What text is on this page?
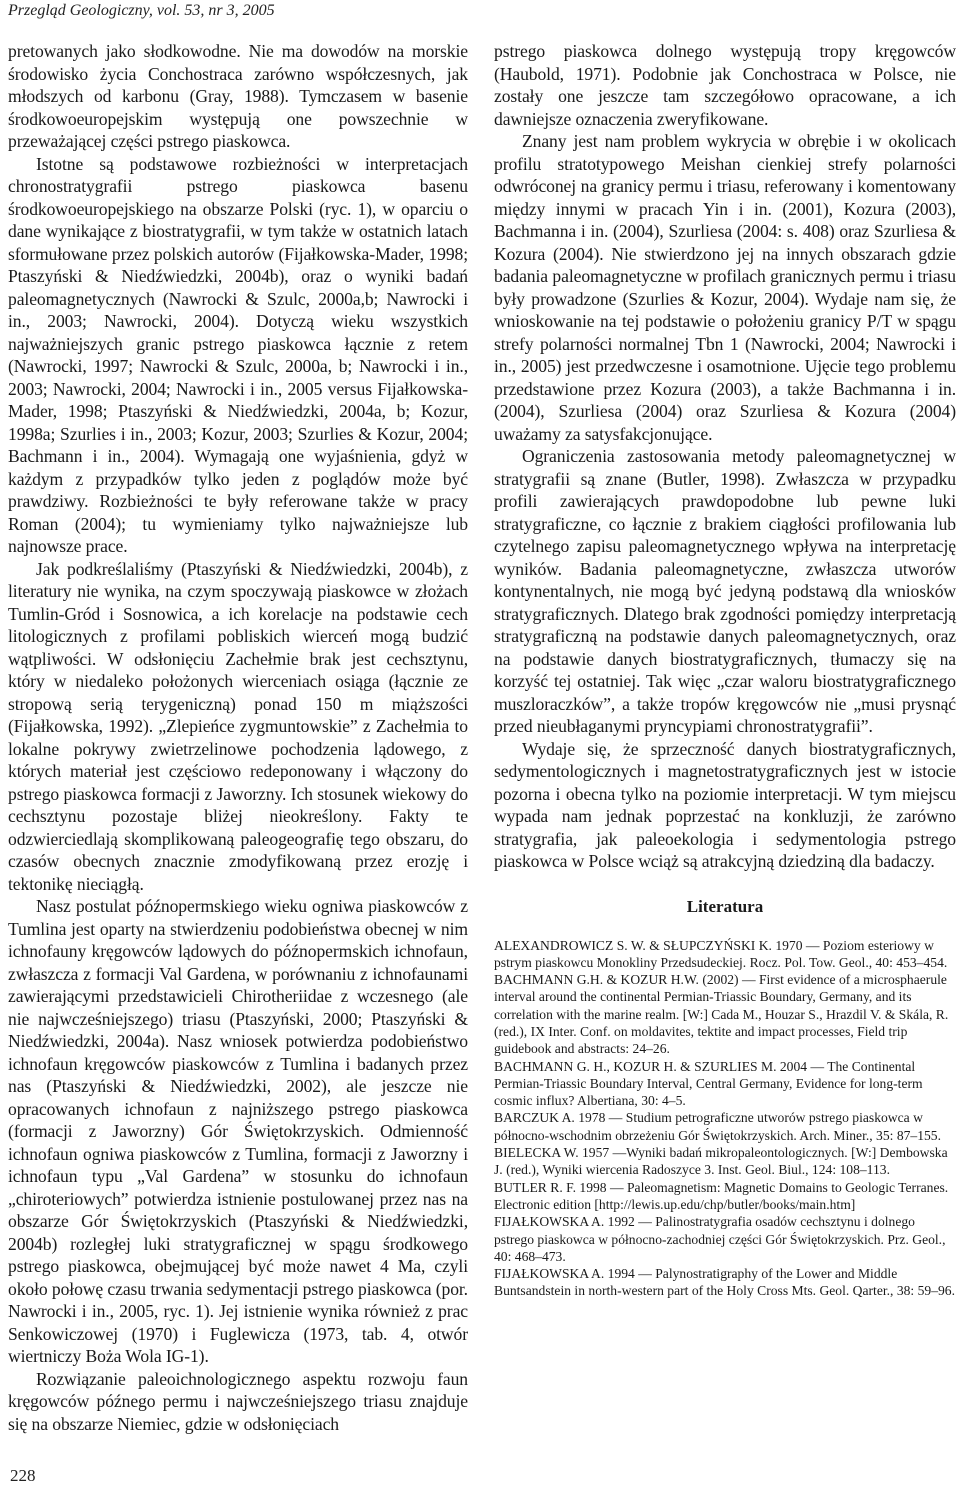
Przegląd Geologiczny, vol. 53, nr 3, 2005

pretowanych jako słodkowodne. Nie ma dowodów na morskie środowisko życia Conchostraca zarówno współczesnych, jak młodszych od karbonu (Gray, 1988). Tymczasem w basenie środkowoeuropejskim występują one powszechnie w przeważającej części pstrego piaskowca.

Istotne są podstawowe rozbieżności w interpretacjach chronostratygrafii pstrego piaskowca basenu środkowoeuropejskiego na obszarze Polski (ryc. 1), w oparciu o dane wynikające z biostratygrafii, w tym także w ostatnich latach sformułowane przez polskich autorów (Fijałkowska-Mader, 1998; Ptaszyński & Niedźwiedzki, 2004b), oraz o wyniki badań paleomagnetycznych (Nawrocki & Szulc, 2000a,b; Nawrocki i in., 2003; Nawrocki, 2004). Dotyczą wieku wszystkich najważniejszych granic pstrego piaskowca łącznie z retem (Nawrocki, 1997; Nawrocki & Szulc, 2000a, b; Nawrocki i in., 2003; Nawrocki, 2004; Nawrocki i in., 2005 versus Fijałkowska-Mader, 1998; Ptaszyński & Niedźwiedzki, 2004a, b; Kozur, 1998a; Szurlies i in., 2003; Kozur, 2003; Szurlies & Kozur, 2004; Bachmann i in., 2004). Wymagają one wyjaśnienia, gdyż w każdym z przypadków tylko jeden z poglądów może być prawdziwy. Rozbieżności te były referowane także w pracy Roman (2004); tu wymieniamy tylko najważniejsze lub najnowsze prace.

Jak podkreślaliśmy (Ptaszyński & Niedźwiedzki, 2004b), z literatury nie wynika, na czym spoczywają piaskowce w złożach Tumlin-Gród i Sosnowica, a ich korelacje na podstawie cech litologicznych z profilami pobliskich wierceń mogą budzić wątpliwości. W odsłonięciu Zachełmie brak jest cechsztynu, który w niedaleko położonych wierceniach osiąga (łącznie ze stropową serią terygeniczną) ponad 150 m miąższości (Fijałkowska, 1992). „Zlepieńce zygmuntowskie” z Zachełmia to lokalne pokrywy zwietrzelinowe pochodzenia lądowego, z których materiał jest częściowo redeponowany i włączony do pstrego piaskowca formacji z Jaworzny. Ich stosunek wiekowy do cechsztynu pozostaje bliżej nieokreślony. Fakty te odzwierciedlają skomplikowaną paleogeografię tego obszaru, do czasów obecnych znacznie zmodyfikowaną przez erozję i tektonikę nieciągłą.

Nasz postulat późnopermskiego wieku ogniwa piaskowców z Tumlina jest oparty na stwierdzeniu podobieństwa obecnej w nim ichnofauny kręgowców lądowych do późnopermskich ichnofaun, zwłaszcza z formacji Val Gardena, w porównaniu z ichnofaunami zawierającymi przedstawicieli Chirotheriidae z wczesnego (ale nie najwcześniejszego) triasu (Ptaszyński, 2000; Ptaszyński & Niedźwiedzki, 2004a). Nasz wniosek potwierdza podobieństwo ichnofaun kręgowców piaskowców z Tumlina i badanych przez nas (Ptaszyński & Niedźwiedzki, 2002), ale jeszcze nie opracowanych ichnofaun z najniższego pstrego piaskowca (formacji z Jaworzny) Gór Świętokrzyskich. Odmienność ichnofaun ogniwa piaskowców z Tumlina, formacji z Jaworzny i ichnofaun typu „Val Gardena” w stosunku do ichnofaun „chiroteriowych” potwierdza istnienie postulowanej przez nas na obszarze Gór Świętokrzyskich (Ptaszyński & Niedźwiedzki, 2004b) rozległej luki stratygraficznej w spągu środkowego pstrego piaskowca, obejmującej być może nawet 4 Ma, czyli około połowę czasu trwania sedymentacji pstrego piaskowca (por. Nawrocki i in., 2005, ryc. 1). Jej istnienie wynika również z prac Senkowiczowej (1970) i Fuglewicza (1973, tab. 4, otwór wiertniczy Boża Wola IG-1).

Rozwiązanie paleoichnologicznego aspektu rozwoju faun kręgowców późnego permu i najwcześniejszego triasu znajduje się na obszarze Niemiec, gdzie w odsłonięciach

pstrego piaskowca dolnego występują tropy kręgowców (Haubold, 1971). Podobnie jak Conchostraca w Polsce, nie zostały one jeszcze tam szczegółowo opracowane, a ich dawniejsze oznaczenia zweryfikowane.

Znany jest nam problem wykrycia w obrębie i w okolicach profilu stratotypowego Meishan cienkiej strefy polarności odwróconej na granicy permu i triasu, referowany i komentowany między innymi w pracach Yin i in. (2001), Kozura (2003), Bachmanna i in. (2004), Szurliesa (2004: s. 408) oraz Szurliesa & Kozura (2004). Nie stwierdzono jej na innych obszarach gdzie badania paleomagnetyczne w profilach granicznych permu i triasu były prowadzone (Szurlies & Kozur, 2004). Wydaje nam się, że wnioskowanie na tej podstawie o położeniu granicy P/T w spągu strefy polarności normalnej Tbn 1 (Nawrocki, 2004; Nawrocki i in., 2005) jest przedwczesne i osamotnione. Ujęcie tego problemu przedstawione przez Kozura (2003), a także Bachmanna i in. (2004), Szurliesa (2004) oraz Szurliesa & Kozura (2004) uważamy za satysfakcjonujące.

Ograniczenia zastosowania metody paleomagnetycznej w stratygrafii są znane (Butler, 1998). Zwłaszcza w przypadku profili zawierających prawdopodobne lub pewne luki stratygraficzne, co łącznie z brakiem ciągłości profilowania lub czytelnego zapisu paleomagnetycznego wpływa na interpretację wyników. Badania paleomagnetyczne, zwłaszcza utworów kontynentalnych, nie mogą być jedyną podstawą dla wniosków stratygraficznych. Dlatego brak zgodności pomiędzy interpretacją stratygraficzną na podstawie danych paleomagnetycznych, oraz na podstawie danych biostratygraficznych, tłumaczy się na korzyść tej ostatniej. Tak więc „czar waloru biostratygraficznego muszloraczków”, a także tropów kręgowców nie „musi prysnąć przed nieubłaganymi pryncypiami chronostratygrafii”.

Wydaje się, że sprzeczność danych biostratygraficznych, sedymentologicznych i magnetostratygraficznych jest w istocie pozorna i obecna tylko na poziomie interpretacji. W tym miejscu wypada nam jednak poprzestać na konkluzji, że zarówno stratygrafia, jak paleoekologia i sedymentologia pstrego piaskowca w Polsce wciąż są atrakcyjną dziedziną dla badaczy.

Literatura

ALEXANDROWICZ S. W. & SŁUPCZYŃSKI K. 1970 — Poziom esteriowy w pstrym piaskowcu Monokliny Przedsudeckiej. Rocz. Pol. Tow. Geol., 40: 453–454.

BACHMANN G.H. & KOZUR H.W. (2002) — First evidence of a microsphaerule interval around the continental Permian-Triassic Boundary, Germany, and its correlation with the marine realm. [W:] Cada M., Houzar S., Hrazdil V. & Skála, R. (red.), IX Inter. Conf. on moldavites, tektite and impact processes, Field trip guidebook and abstracts: 24–26.

BACHMANN G. H., KOZUR H. & SZURLIES M. 2004 — The Continental Permian-Triassic Boundary Interval, Central Germany, Evidence for long-term cosmic influx? Albertiana, 30: 4–5.

BARCZUK A. 1978 — Studium petrograficzne utworów pstrego piaskowca w północno-wschodnim obrzeżeniu Gór Świętokrzyskich. Arch. Miner., 35: 87–155.

BIELECKA W. 1957 —Wyniki badań mikropaleontologicznych. [W:] Dembowska J. (red.), Wyniki wiercenia Radoszyce 3. Inst. Geol. Biul., 124: 108–113.

BUTLER R. F. 1998 — Paleomagnetism: Magnetic Domains to Geologic Terranes. Electronic edition [http://lewis.up.edu/chp/butler/books/main.htm]

FIJAŁKOWSKA A. 1992 — Palinostratygrafia osadów cechsztynu i dolnego pstrego piaskowca w północno-zachodniej części Gór Świętokrzyskich. Prz. Geol., 40: 468–473.

FIJAŁKOWSKA A. 1994 — Palynostratigraphy of the Lower and Middle Buntsandstein in north-western part of the Holy Cross Mts. Geol. Qarter., 38: 59–96.

228
